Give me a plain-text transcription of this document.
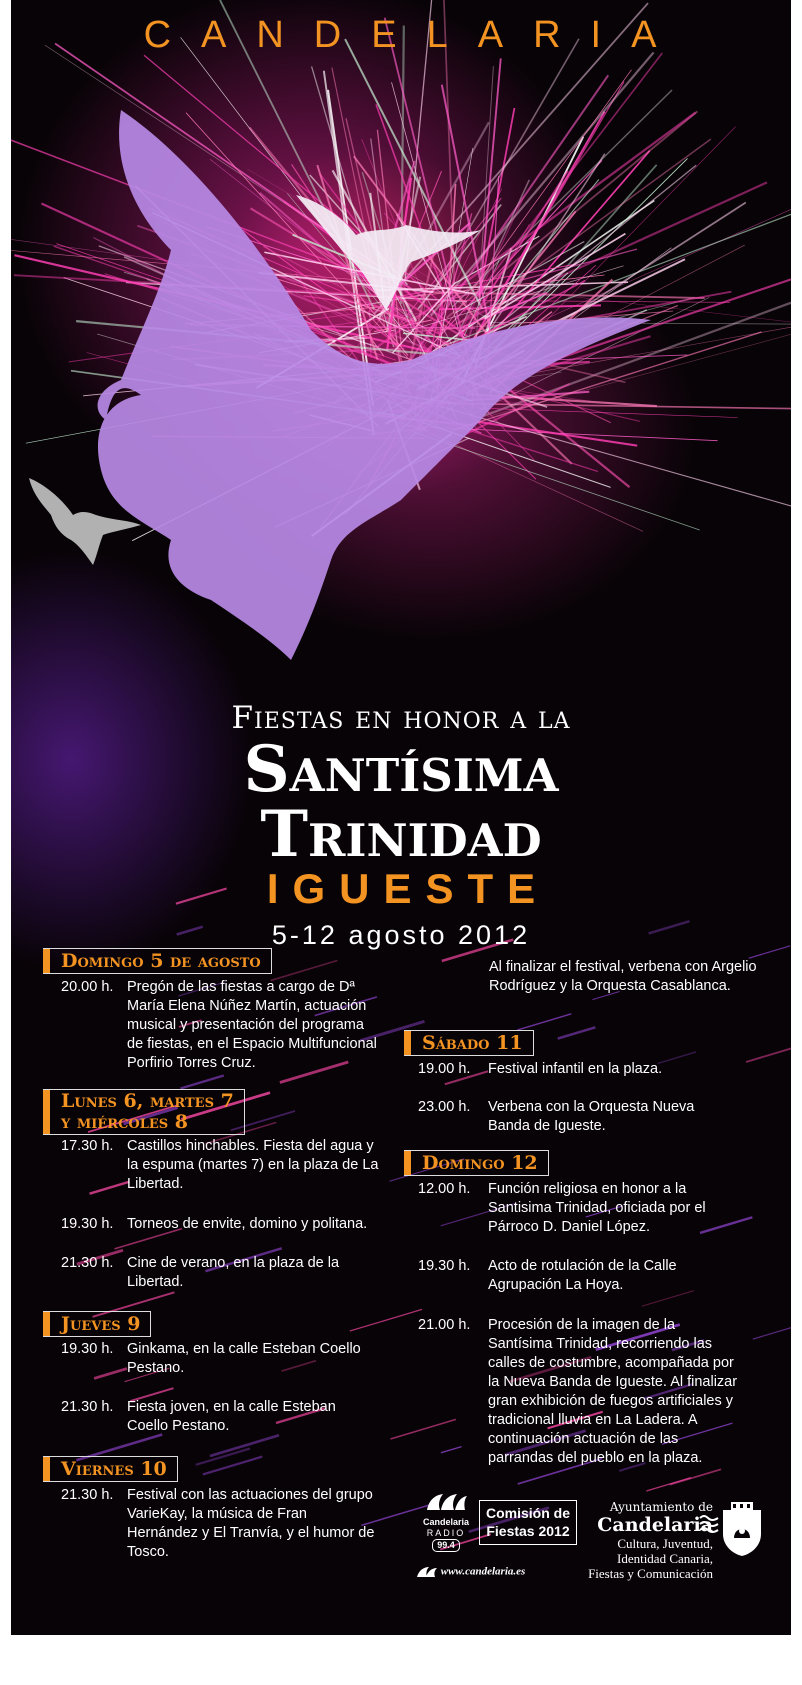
CANDELARIA
Fiestas en honor a la
Santísima
Trinidad
IGUESTE
5-12 agosto 2012
Domingo 5 de agosto
20.00 h. Pregón de las fiestas a cargo de Dª María Elena Núñez Martín, actuación musical y presentación del programa de fiestas, en el Espacio Multifuncional Porfirio Torres Cruz.
Lunes 6, martes 7
y miércoles 8
17.30 h. Castillos hinchables. Fiesta del agua y la espuma (martes 7) en la plaza de La Libertad.
19.30 h. Torneos de envite, domino y politana.
21.30 h. Cine de verano, en la plaza de la Libertad.
Jueves 9
19.30 h. Ginkama, en la calle Esteban Coello Pestano.
21.30 h. Fiesta joven, en la calle Esteban Coello Pestano.
Viernes 10
21.30 h. Festival con las actuaciones del grupo VarieKay, la música de Fran Hernández y El Tranvía, y el humor de Tosco.
Al finalizar el festival, verbena con Argelio Rodríguez y la Orquesta Casablanca.
Sábado 11
19.00 h.	Festival infantil en la plaza.
23.00 h.	Verbena con la Orquesta Nueva Banda de Igueste.
Domingo 12
12.00 h.	Función religiosa en honor a la Santisima Trinidad, oficiada por el Párroco D. Daniel López.
19.30 h.	Acto de rotulación de la Calle Agrupación La Hoya.
21.00 h.	Procesión de la imagen de la Santísima Trinidad, recorriendo las calles de costumbre, acompañada por la Nueva Banda de Igueste. Al finalizar gran exhibición de fuegos artificiales y tradicional lluvia en La Ladera. A continuación actuación de las parrandas del pueblo en la plaza.
Candelaria
RADIO
99.4
www.candelaria.es
Comisión de
Fiestas 2012
Ayuntamiento de
Candelaria
Cultura, Juventud,
Identidad Canaria,
Fiestas y Comunicación
